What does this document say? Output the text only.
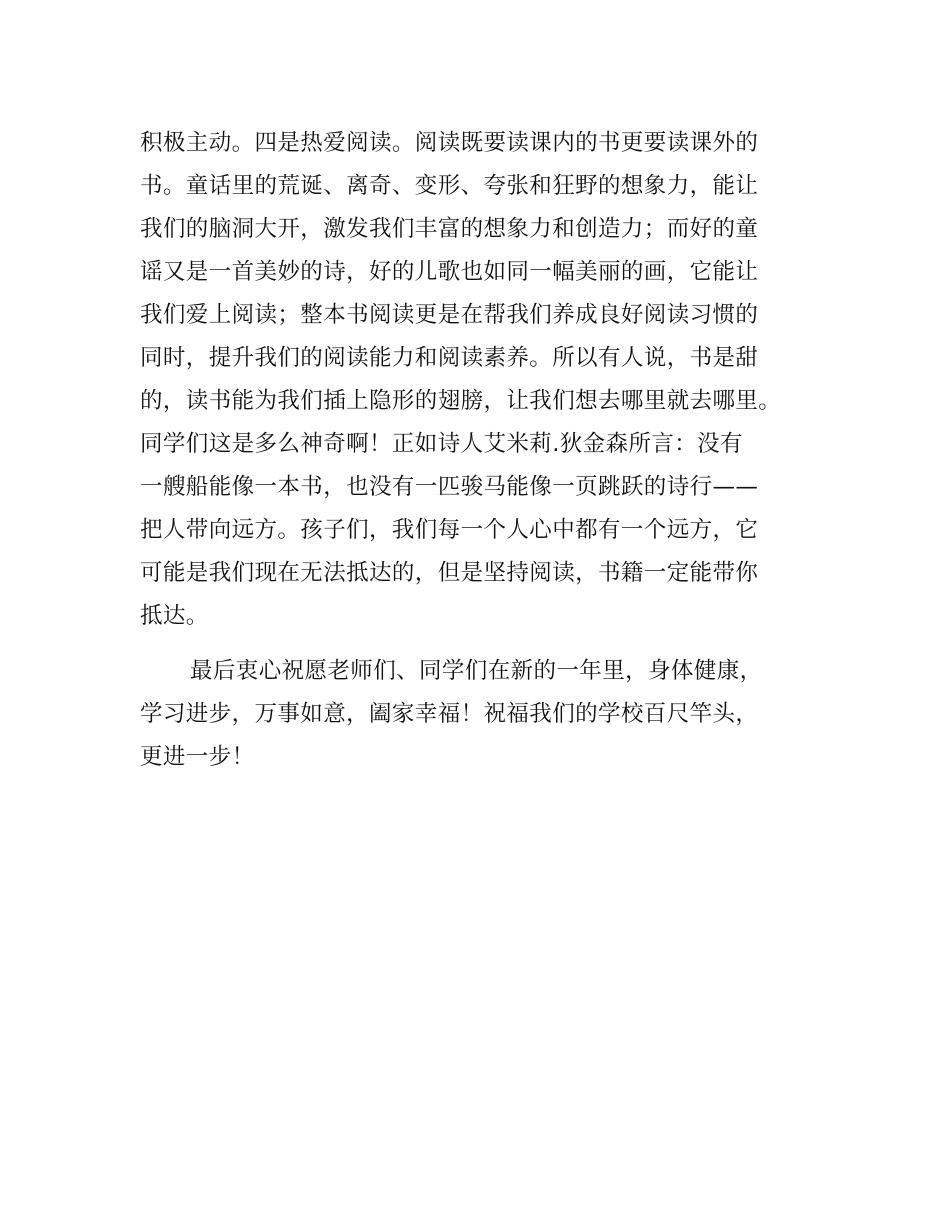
积极主动。四是热爱阅读。阅读既要读课内的书更要读课外的
书。童话里的荒诞、离奇、变形、夸张和狂野的想象力，能让
我们的脑洞大开，激发我们丰富的想象力和创造力；而好的童
谣又是一首美妙的诗，好的儿歌也如同一幅美丽的画，它能让
我们爱上阅读；整本书阅读更是在帮我们养成良好阅读习惯的
同时，提升我们的阅读能力和阅读素养。所以有人说，书是甜
的，读书能为我们插上隐形的翅膀，让我们想去哪里就去哪里。
同学们这是多么神奇啊！正如诗人艾米莉.狄金森所言：没有
一艘船能像一本书，也没有一匹骏马能像一页跳跃的诗行——
把人带向远方。孩子们，我们每一个人心中都有一个远方，它
可能是我们现在无法抵达的，但是坚持阅读，书籍一定能带你
抵达。
最后衷心祝愿老师们、同学们在新的一年里，身体健康，
学习进步，万事如意，阖家幸福！祝福我们的学校百尺竿头，
更进一步！
